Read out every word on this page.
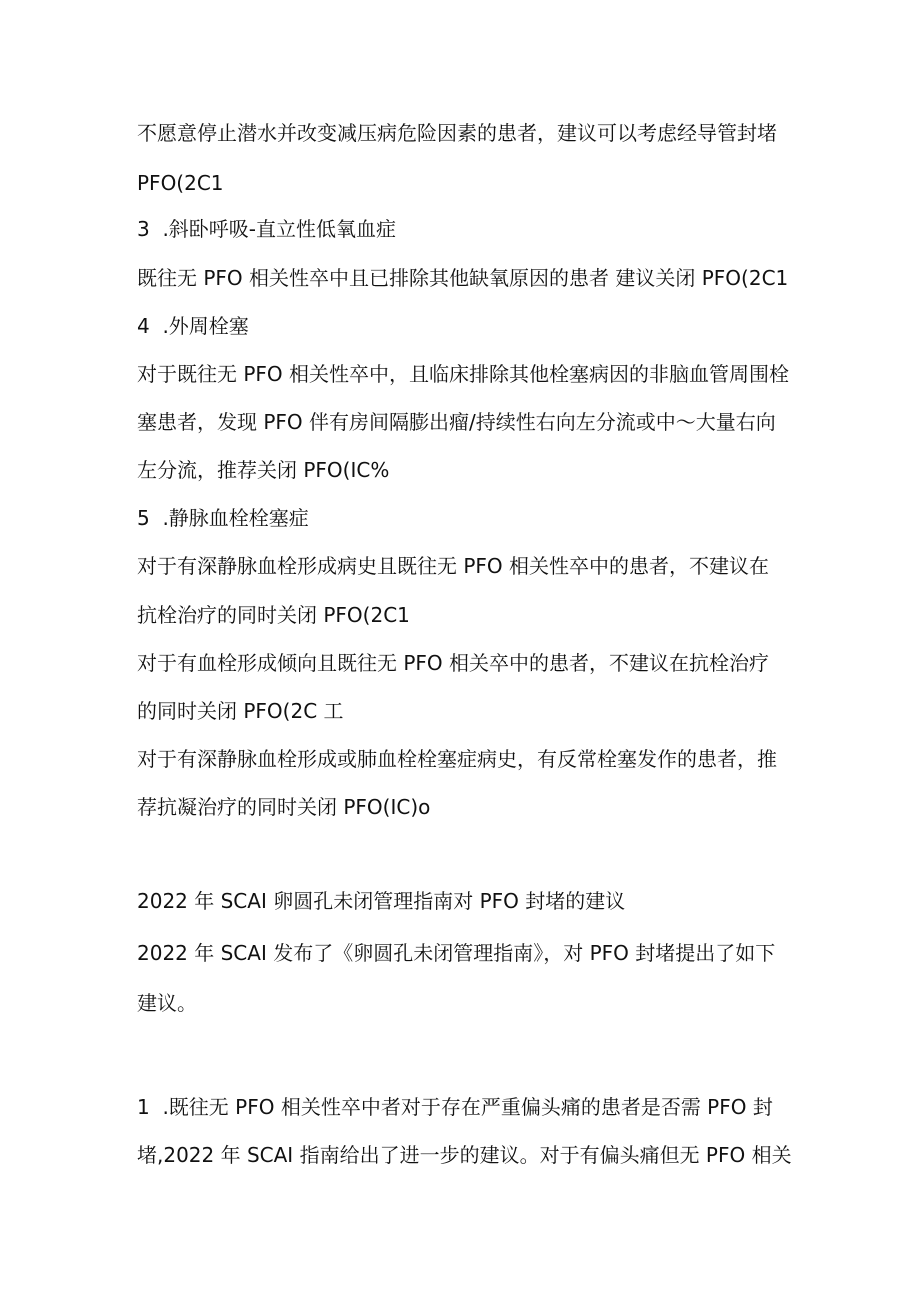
不愿意停止潜水并改变减压病危险因素的患者，建议可以考虑经导管封堵
PFO(2C1
3  .斜卧呼吸-直立性低氧血症
既往无 PFO 相关性卒中且已排除其他缺氧原因的患者 建议关闭 PFO(2C1
4  .外周栓塞
对于既往无 PFO 相关性卒中，且临床排除其他栓塞病因的非脑血管周围栓
塞患者，发现 PFO 伴有房间隔膨出瘤/持续性右向左分流或中〜大量右向
左分流，推荐关闭 PFO(IC%
5  .静脉血栓栓塞症
对于有深静脉血栓形成病史且既往无 PFO 相关性卒中的患者，不建议在
抗栓治疗的同时关闭 PFO(2C1
对于有血栓形成倾向且既往无 PFO 相关卒中的患者，不建议在抗栓治疗
的同时关闭 PFO(2C 工
对于有深静脉血栓形成或肺血栓栓塞症病史，有反常栓塞发作的患者，推
荐抗凝治疗的同时关闭 PFO(IC)o
2022 年 SCAI 卵圆孔未闭管理指南对 PFO 封堵的建议
2022 年 SCAI 发布了《卵圆孔未闭管理指南》，对 PFO 封堵提出了如下
建议。
1  .既往无 PFO 相关性卒中者对于存在严重偏头痛的患者是否需 PFO 封
堵,2022 年 SCAI 指南给出了进一步的建议。对于有偏头痛但无 PFO 相关
